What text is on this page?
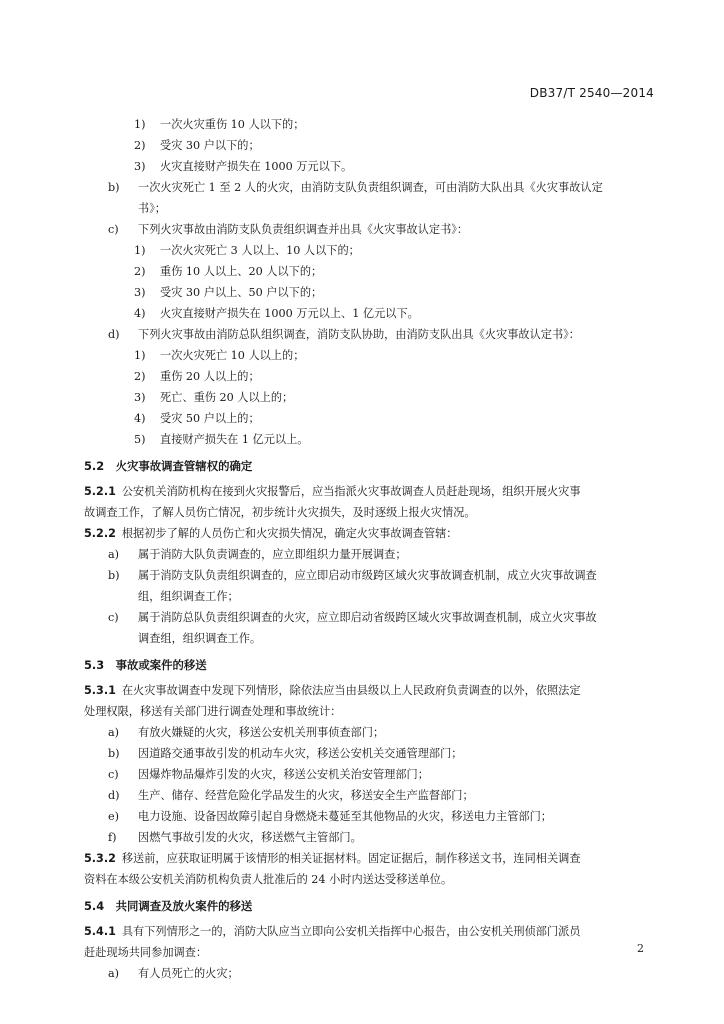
DB37/T 2540—2014
1) 一次火灾重伤 10 人以下的；
2) 受灾 30 户以下的；
3) 火灾直接财产损失在 1000 万元以下。
b) 一次火灾死亡 1 至 2 人的火灾，由消防支队负责组织调查，可由消防大队出具《火灾事故认定
书》；
c) 下列火灾事故由消防支队负责组织调查并出具《火灾事故认定书》：
1) 一次火灾死亡 3 人以上、10 人以下的；
2) 重伤 10 人以上、20 人以下的；
3) 受灾 30 户以上、50 户以下的；
4) 火灾直接财产损失在 1000 万元以上、1 亿元以下。
d) 下列火灾事故由消防总队组织调查，消防支队协助，由消防支队出具《火灾事故认定书》：
1) 一次火灾死亡 10 人以上的；
2) 重伤 20 人以上的；
3) 死亡、重伤 20 人以上的；
4) 受灾 50 户以上的；
5) 直接财产损失在 1 亿元以上。
5.2　火灾事故调查管辖权的确定
5.2.1 公安机关消防机构在接到火灾报警后，应当指派火灾事故调查人员赶赴现场，组织开展火灾事
故调查工作，了解人员伤亡情况，初步统计火灾损失，及时逐级上报火灾情况。
5.2.2 根据初步了解的人员伤亡和火灾损失情况，确定火灾事故调查管辖：
a) 属于消防大队负责调查的，应立即组织力量开展调查；
b) 属于消防支队负责组织调查的，应立即启动市级跨区域火灾事故调查机制，成立火灾事故调查
组，组织调查工作；
c) 属于消防总队负责组织调查的火灾，应立即启动省级跨区域火灾事故调查机制，成立火灾事故
调查组，组织调查工作。
5.3　事故或案件的移送
5.3.1 在火灾事故调查中发现下列情形，除依法应当由县级以上人民政府负责调查的以外，依照法定
处理权限，移送有关部门进行调查处理和事故统计：
a) 有放火嫌疑的火灾，移送公安机关刑事侦查部门；
b) 因道路交通事故引发的机动车火灾，移送公安机关交通管理部门；
c) 因爆炸物品爆炸引发的火灾，移送公安机关治安管理部门；
d) 生产、储存、经营危险化学品发生的火灾，移送安全生产监督部门；
e) 电力设施、设备因故障引起自身燃烧未蔓延至其他物品的火灾，移送电力主管部门；
f) 因燃气事故引发的火灾，移送燃气主管部门。
5.3.2 移送前，应获取证明属于该情形的相关证据材料。固定证据后，制作移送文书，连同相关调查
资料在本级公安机关消防机构负责人批准后的 24 小时内送达受移送单位。
5.4　共同调查及放火案件的移送
5.4.1 具有下列情形之一的，消防大队应当立即向公安机关指挥中心报告，由公安机关刑侦部门派员
赶赴现场共同参加调查：
a) 有人员死亡的火灾；
2
